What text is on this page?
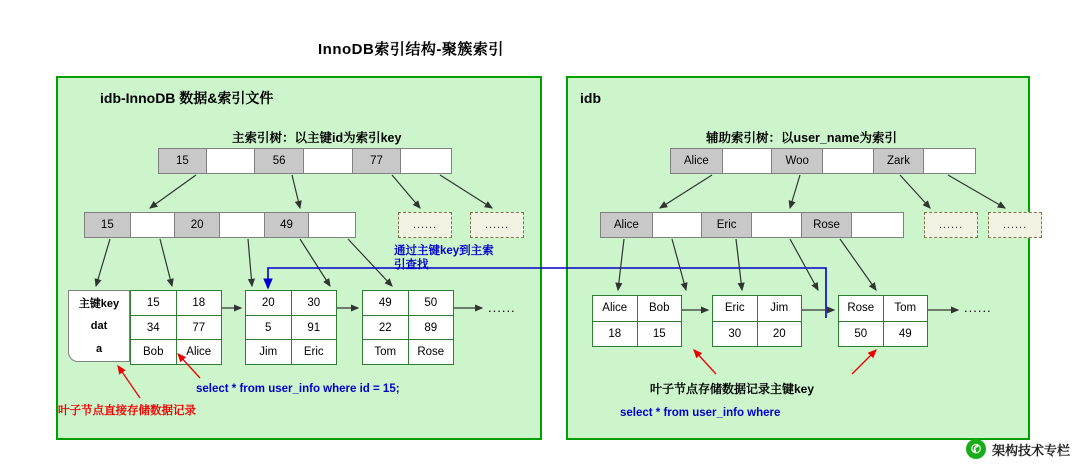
InnoDB索引结构-聚簇索引
idb-InnoDB 数据&索引文件
主索引树：以主键id为索引key
15	56	77
15	20	49	......	......
主键key
dat
a
15	18
34	77
Bob	Alice
20	30
5	91
Jim	Eric
49	50
22	89
Tom	Rose
......
select * from user_info where id = 15;
叶子节点直接存储数据记录
通过主键key到主索引查找
idb
辅助索引树：以user_name为索引
Alice	Woo	Zark
Alice	Eric	Rose	......	......
Alice	Bob
18	15
Eric	Jim
30	20
Rose	Tom
50	49
......
叶子节点存储数据记录主键key
select * from user_info where
✆ 架构技术专栏
